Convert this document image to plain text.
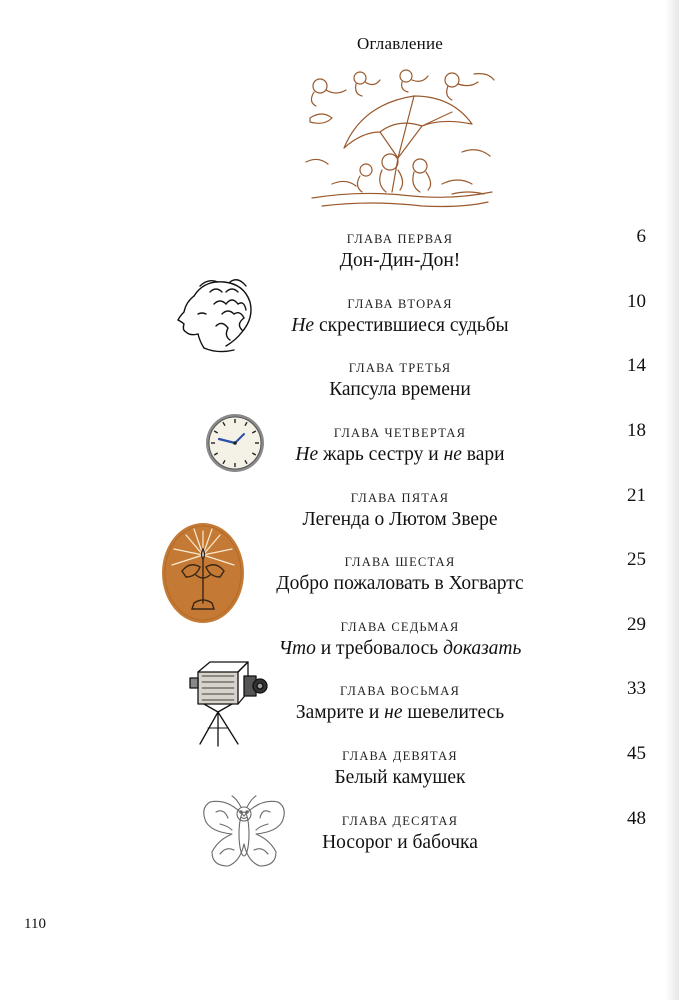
Оглавление
ГЛАВА ПЕРВАЯ
Дон-Дин-Дон!
6
ГЛАВА ВТОРАЯ
Не скрестившиеся судьбы
10
ГЛАВА ТРЕТЬЯ
Капсула времени
14
ГЛАВА ЧЕТВЕРТАЯ
Не жарь сестру и не вари
18
ГЛАВА ПЯТАЯ
Легенда о Лютом Звере
21
ГЛАВА ШЕСТАЯ
Добро пожаловать в Хогвартс
25
ГЛАВА СЕДЬМАЯ
Что и требовалось доказать
29
ГЛАВА ВОСЬМАЯ
Замрите и не шевелитесь
33
ГЛАВА ДЕВЯТАЯ
Белый камушек
45
ГЛАВА ДЕСЯТАЯ
Носорог и бабочка
48
110
